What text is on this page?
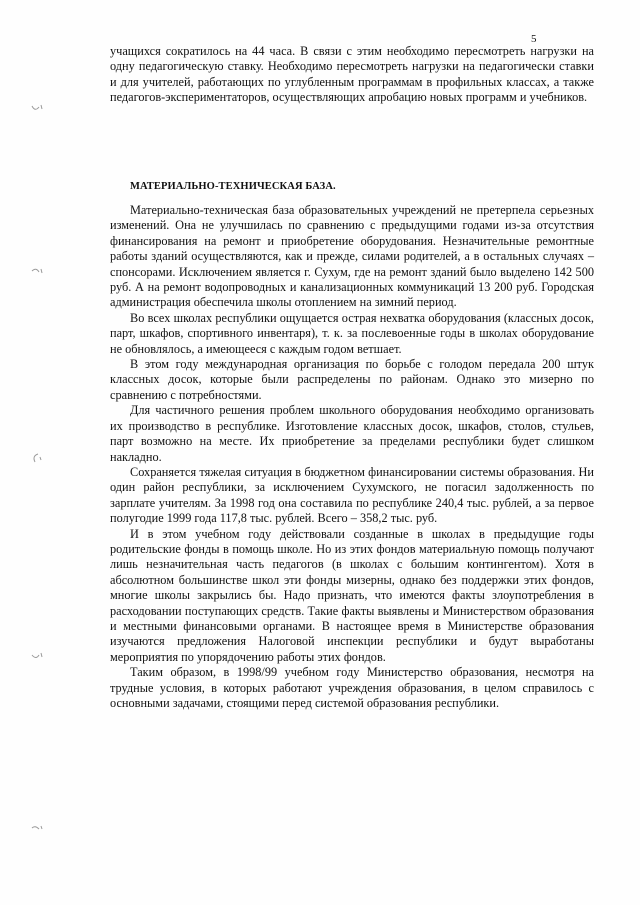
5

учащихся сократилось на 44 часа. В связи с этим необходимо пересмотреть нагрузки на одну педагогическую ставку. Необходимо пересмотреть нагрузки на педагогически ставки и для учителей, работающих по углубленным программам в профильных классах, а также педагогов-экспериментаторов, осуществляющих апробацию новых программ и учебников.

МАТЕРИАЛЬНО-ТЕХНИЧЕСКАЯ БАЗА.

Материально-техническая база образовательных учреждений не претерпела серьезных изменений. Она не улучшилась по сравнению с предыдущими годами из-за отсутствия финансирования на ремонт и приобретение оборудования. Незначительные ремонтные работы зданий осуществляются, как и прежде, силами родителей, а в остальных случаях – спонсорами. Исключением является г. Сухум, где на ремонт зданий было выделено 142 500 руб. А на ремонт водопроводных и канализационных коммуникаций 13 200 руб. Городская администрация обеспечила школы отоплением на зимний период.

Во всех школах республики ощущается острая нехватка оборудования (классных досок, парт, шкафов, спортивного инвентаря), т. к. за послевоенные годы в школах оборудование не обновлялось, а имеющееся с каждым годом ветшает.

В этом году международная организация по борьбе с голодом передала 200 штук классных досок, которые были распределены по районам. Однако это мизерно по сравнению с потребностями.

Для частичного решения проблем школьного оборудования необходимо организовать их производство в республике. Изготовление классных досок, шкафов, столов, стульев, парт возможно на месте. Их приобретение за пределами республики будет слишком накладно.

Сохраняется тяжелая ситуация в бюджетном финансировании системы образования. Ни один район республики, за исключением Сухумского, не погасил задолженность по зарплате учителям. За 1998 год она составила по республике 240,4 тыс. рублей, а за первое полугодие 1999 года 117,8 тыс. рублей. Всего – 358,2 тыс. руб.

И в этом учебном году действовали созданные в школах в предыдущие годы родительские фонды в помощь школе. Но из этих фондов материальную помощь получают лишь незначительная часть педагогов (в школах с большим контингентом). Хотя в абсолютном большинстве школ эти фонды мизерны, однако без поддержки этих фондов, многие школы закрылись бы. Надо признать, что имеются факты злоупотребления в расходовании поступающих средств. Такие факты выявлены и Министерством образования и местными финансовыми органами. В настоящее время в Министерстве образования изучаются предложения Налоговой инспекции республики и будут выработаны мероприятия по упорядочению работы этих фондов.

Таким образом, в 1998/99 учебном году Министерство образования, несмотря на трудные условия, в которых работают учреждения образования, в целом справилось с основными задачами, стоящими перед системой образования республики.
